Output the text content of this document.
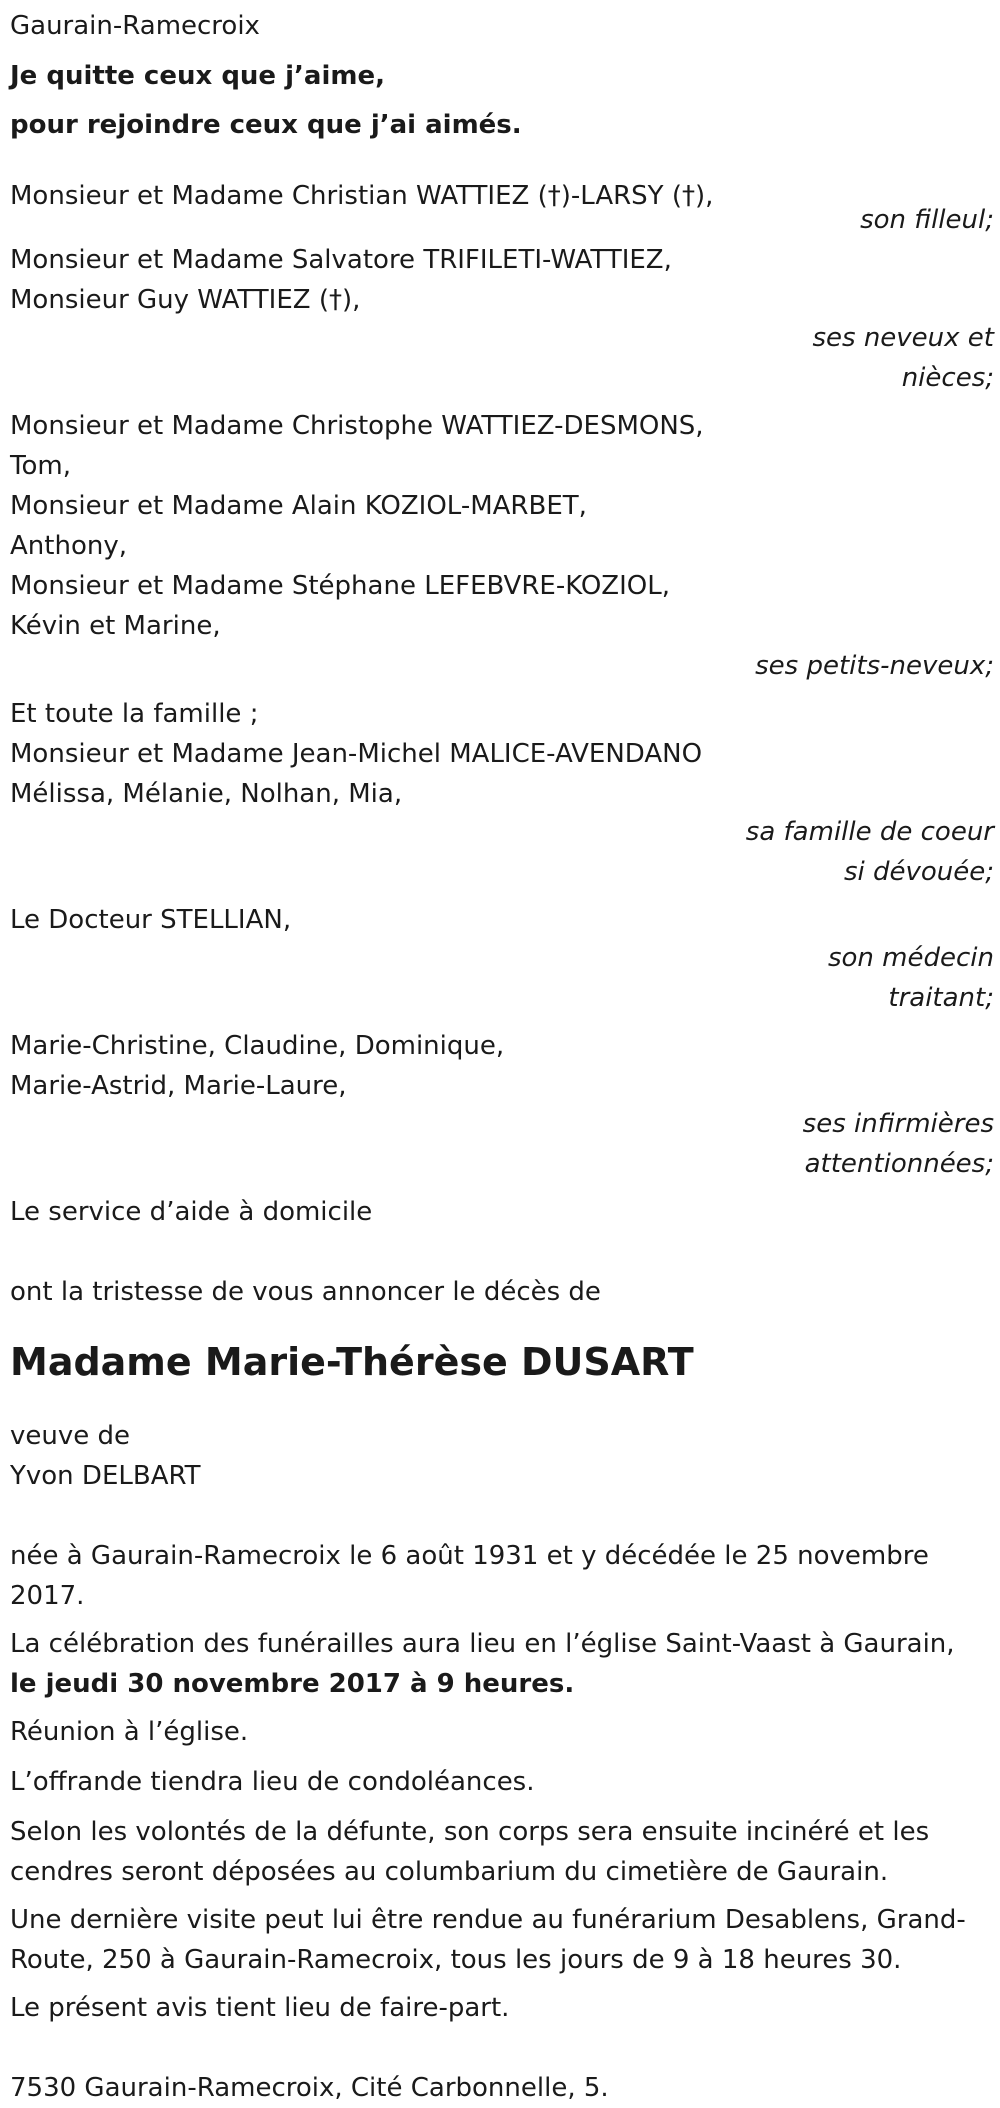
Gaurain-Ramecroix
Je quitte ceux que j’aime,
pour rejoindre ceux que j’ai aimés.
Monsieur et Madame Christian WATTIEZ (†)-LARSY (†),
son filleul;
Monsieur et Madame Salvatore TRIFILETI-WATTIEZ,
Monsieur Guy WATTIEZ (†),
ses neveux et
nièces;
Monsieur et Madame Christophe WATTIEZ-DESMONS,
Tom,
Monsieur et Madame Alain KOZIOL-MARBET,
Anthony,
Monsieur et Madame Stéphane LEFEBVRE-KOZIOL,
Kévin et Marine,
ses petits-neveux;
Et toute la famille ;
Monsieur et Madame Jean-Michel MALICE-AVENDANO
Mélissa, Mélanie, Nolhan, Mia,
sa famille de coeur
si dévouée;
Le Docteur STELLIAN,
son médecin
traitant;
Marie-Christine, Claudine, Dominique,
Marie-Astrid, Marie-Laure,
ses infirmières
attentionnées;
Le service d’aide à domicile
ont la tristesse de vous annoncer le décès de
Madame Marie-Thérèse DUSART
veuve de
Yvon DELBART
née à Gaurain-Ramecroix le 6 août 1931 et y décédée le 25 novembre 2017.
La célébration des funérailles aura lieu en l’église Saint-Vaast à Gaurain,
le jeudi 30 novembre 2017 à 9 heures.
Réunion à l’église.
L’offrande tiendra lieu de condoléances.
Selon les volontés de la défunte, son corps sera ensuite incinéré et les cendres seront déposées au columbarium du cimetière de Gaurain.
Une dernière visite peut lui être rendue au funérarium Desablens, Grand-Route, 250 à Gaurain-Ramecroix, tous les jours de 9 à 18 heures 30.
Le présent avis tient lieu de faire-part.
7530 Gaurain-Ramecroix, Cité Carbonnelle, 5.
